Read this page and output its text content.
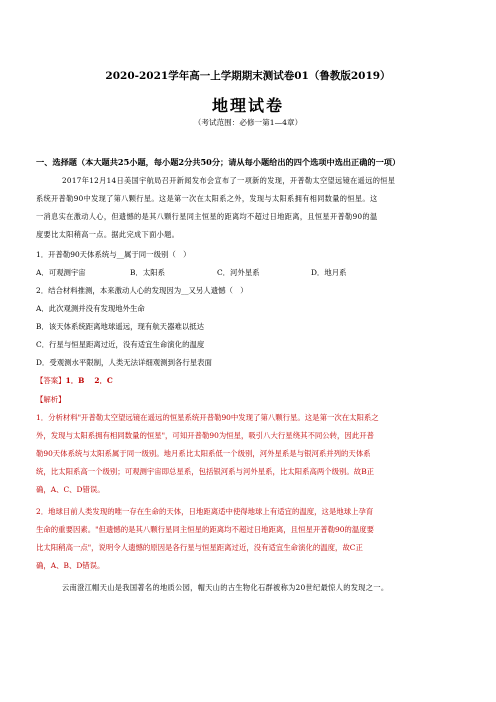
2020-2021学年高一上学期期末测试卷01（鲁教版2019）
地理试卷
（考试范围：必修一第1—4章）
一、选择题（本大题共25小题，每小题2分共50分；请从每小题给出的四个选项中选出正确的一项）
2017年12月14日美国宇航局召开新闻发布会宣布了一项新的发现，开普勒太空望远镜在遥远的恒星
系统开普勒90中发现了第八颗行星。这是第一次在太阳系之外，发现与太阳系拥有相同数量的恒星。这
一消息实在激动人心，但遗憾的是其八颗行星同主恒星的距离均不超过日地距离，且恒星开普勒90的温
度要比太阳稍高一点。据此完成下面小题。
1．开普勒90天体系统与__属于同一级别（　）
A．可观测宇宙	B．太阳系	C．河外星系	D．地月系
2．结合材料推测，本来激动人心的发现因为__又另人遗憾（　）
A．此次观测并没有发现地外生命
B．该天体系统距离地球遥远，现有航天器难以抵达
C．行星与恒星距离过近，没有适宜生命演化的温度
D．受观测水平限制，人类无法详细观测到各行星表面
【答案】1．B　 2．C
【解析】
1．分析材料"开普勒太空望远镜在遥远的恒星系统开普勒90中发现了第八颗行星。这是第一次在太阳系之
外，发现与太阳系拥有相同数量的恒星"，可知开普勒90为恒星，吸引八大行星绕其不同公转，因此开普
勒90天体系统与太阳系属于同一级别。地月系比太阳系低一个级别，河外星系是与银河系并列的天体系
统，比太阳系高一个级别；可观测宇宙即总星系，包括银河系与河外星系，比太阳系高两个级别。故B正
确，A、C、D错误。
2．地球目前人类发现的唯一存在生命的天体，日地距离适中使得地球上有适宜的温度，这是地球上孕育
生命的重要因素。"但遗憾的是其八颗行星同主恒星的距离均不超过日地距离，且恒星开普勒90的温度要
比太阳稍高一点"，说明令人遗憾的原因是各行星与恒星距离过近，没有适宜生命演化的温度，故C正
确，A、B、D错误。
云南澄江帽天山是我国著名的地质公园，帽天山的古生物化石群被称为20世纪最惊人的发现之一。
